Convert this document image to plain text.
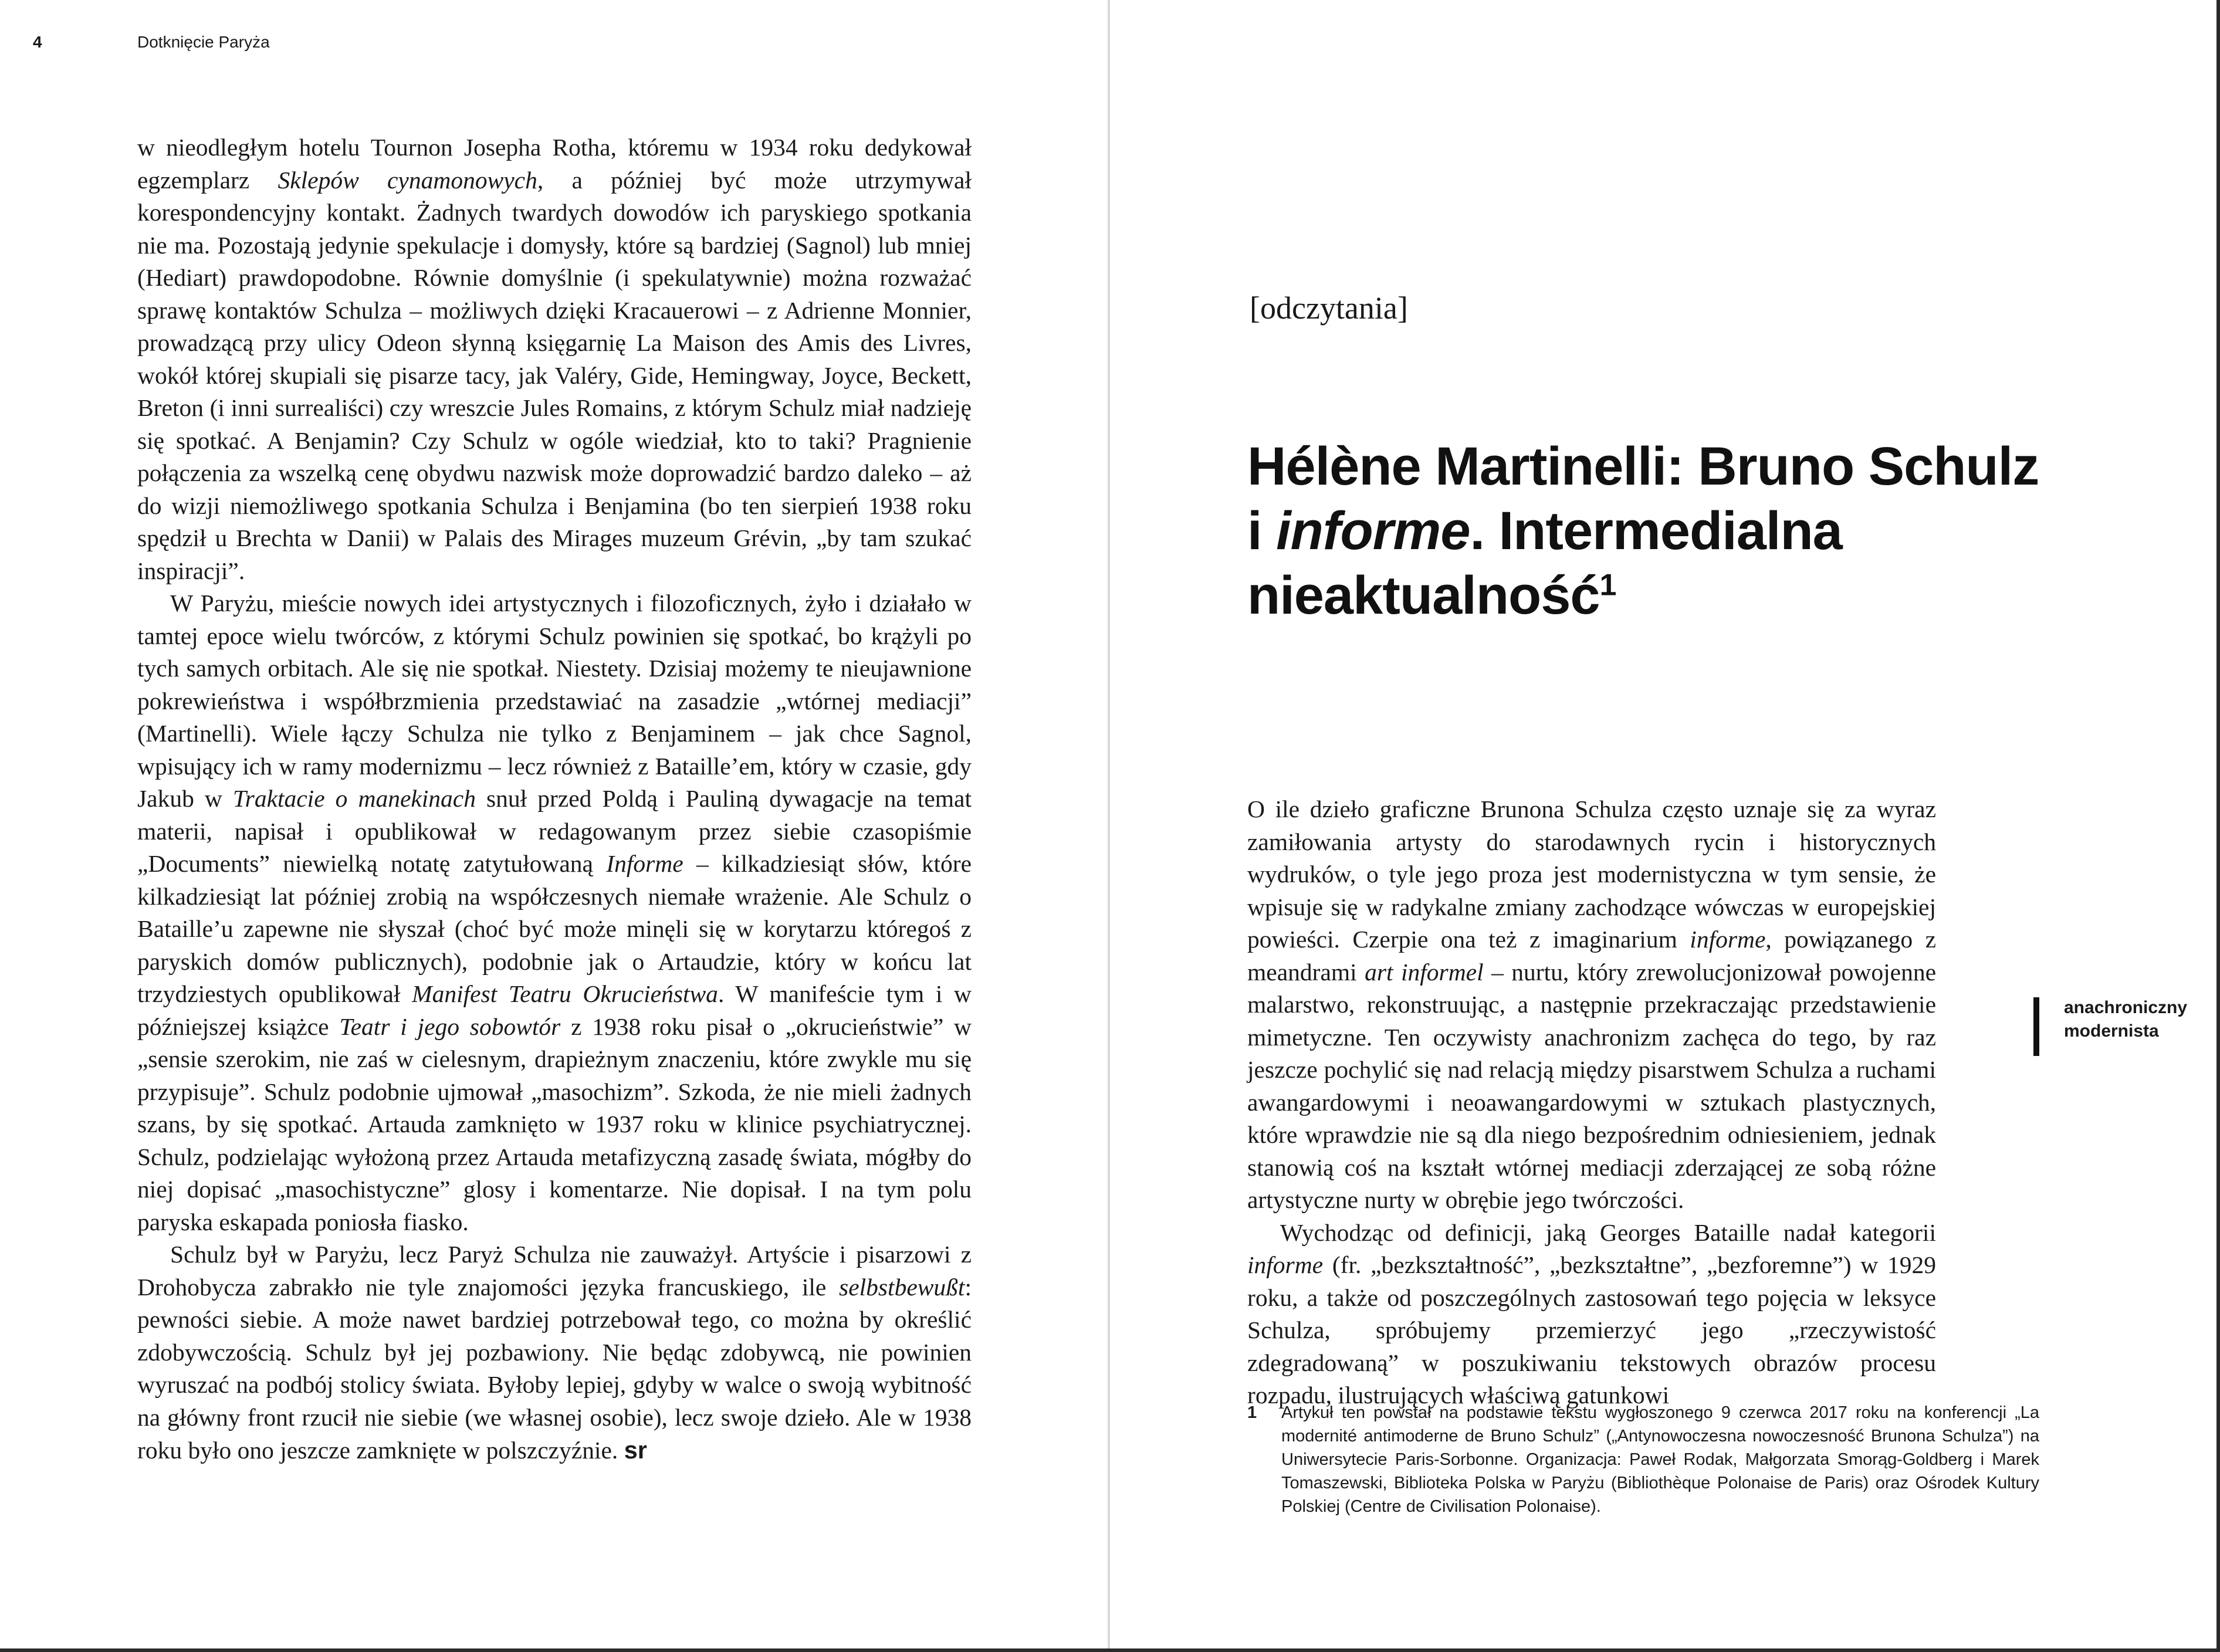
4	Dotknięcie Paryża

w nieodległym hotelu Tournon Josepha Rotha, któremu w 1934 roku dedykował egzemplarz Sklepów cynamonowych, a później być może utrzymywał korespondencyjny kontakt. Żadnych twardych dowodów ich paryskiego spotkania nie ma. Pozostają jedynie spekulacje i domysły, które są bardziej (Sagnol) lub mniej (Hediart) prawdopodobne. Równie domyślnie (i spekulatywnie) można rozważać sprawę kontaktów Schulza – możliwych dzięki Kracauerowi – z Adrienne Monnier, prowadzącą przy ulicy Odeon słynną księgarnię La Maison des Amis des Livres, wokół której skupiali się pisarze tacy, jak Valéry, Gide, Hemingway, Joyce, Beckett, Breton (i inni surrealiści) czy wreszcie Jules Romains, z którym Schulz miał nadzieję się spotkać. A Benjamin? Czy Schulz w ogóle wiedział, kto to taki? Pragnienie połączenia za wszelką cenę obydwu nazwisk może doprowadzić bardzo daleko – aż do wizji niemożliwego spotkania Schulza i Benjamina (bo ten sierpień 1938 roku spędził u Brechta w Danii) w Palais des Mirages muzeum Grévin, „by tam szukać inspiracji”.

W Paryżu, mieście nowych idei artystycznych i filozoficznych, żyło i działało w tamtej epoce wielu twórców, z którymi Schulz powinien się spotkać, bo krążyli po tych samych orbitach. Ale się nie spotkał. Niestety. Dzisiaj możemy te nieujawnione pokrewieństwa i współbrzmienia przedstawiać na zasadzie „wtórnej mediacji” (Martinelli). Wiele łączy Schulza nie tylko z Benjaminem – jak chce Sagnol, wpisujący ich w ramy modernizmu – lecz również z Bataille’em, który w czasie, gdy Jakub w Traktacie o manekinach snuł przed Poldą i Pauliną dywagacje na temat materii, napisał i opublikował w redagowanym przez siebie czasopiśmie „Documents” niewielką notatę zatytułowaną Informe – kilkadziesiąt słów, które kilkadziesiąt lat później zrobią na współczesnych niemałe wrażenie. Ale Schulz o Bataille’u zapewne nie słyszał (choć być może minęli się w korytarzu któregoś z paryskich domów publicznych), podobnie jak o Artaudzie, który w końcu lat trzydziestych opublikował Manifest Teatru Okrucieństwa. W manifeście tym i w późniejszej książce Teatr i jego sobowtór z 1938 roku pisał o „okrucieństwie” w „sensie szerokim, nie zaś w cielesnym, drapieżnym znaczeniu, które zwykle mu się przypisuje”. Schulz podobnie ujmował „masochizm”. Szkoda, że nie mieli żadnych szans, by się spotkać. Artauda zamknięto w 1937 roku w klinice psychiatrycznej. Schulz, podzielając wyłożoną przez Artauda metafizyczną zasadę świata, mógłby do niej dopisać „masochistyczne” glosy i komentarze. Nie dopisał. I na tym polu paryska eskapada poniosła fiasko.

Schulz był w Paryżu, lecz Paryż Schulza nie zauważył. Artyście i pisarzowi z Drohobycza zabrakło nie tyle znajomości języka francuskiego, ile selbstbewußt: pewności siebie. A może nawet bardziej potrzebował tego, co można by określić zdobywczością. Schulz był jej pozbawiony. Nie będąc zdobywcą, nie powinien wyruszać na podbój stolicy świata. Byłoby lepiej, gdyby w walce o swoją wybitność na główny front rzucił nie siebie (we własnej osobie), lecz swoje dzieło. Ale w 1938 roku było ono jeszcze zamknięte w polszczyźnie. sr

[odczytania]

Hélène Martinelli: Bruno Schulz i informe. Intermedialna nieaktualność$^1$

O ile dzieło graficzne Brunona Schulza często uznaje się za wyraz zamiłowania artysty do starodawnych rycin i historycznych wydruków, o tyle jego proza jest modernistyczna w tym sensie, że wpisuje się w radykalne zmiany zachodzące wówczas w europejskiej powieści. Czerpie ona też z imaginarium informe, powiązanego z meandrami art informel – nurtu, który zrewolucjonizował powojenne malarstwo, rekonstruując, a następnie przekraczając przedstawienie mimetyczne. Ten oczywisty anachronizm zachęca do tego, by raz jeszcze pochylić się nad relacją między pisarstwem Schulza a ruchami awangardowymi i neoawangardowymi w sztukach plastycznych, które wprawdzie nie są dla niego bezpośrednim odniesieniem, jednak stanowią coś na kształt wtórnej mediacji zderzającej ze sobą różne artystyczne nurty w obrębie jego twórczości.

Wychodząc od definicji, jaką Georges Bataille nadał kategorii informe (fr. „bezkształtność”, „bezkształtne”, „bezforemne”) w 1929 roku, a także od poszczególnych zastosowań tego pojęcia w leksyce Schulza, spróbujemy przemierzyć jego „rzeczywistość zdegradowaną” w poszukiwaniu tekstowych obrazów procesu rozpadu, ilustrujących właściwą gatunkowi

anachroniczny modernista

1	Artykuł ten powstał na podstawie tekstu wygłoszonego 9 czerwca 2017 roku na konferencji „La modernité antimoderne de Bruno Schulz” („Antynowoczesna nowoczesność Brunona Schulza”) na Uniwersytecie Paris-Sorbonne. Organizacja: Paweł Rodak, Małgorzata Smorąg-Goldberg i Marek Tomaszewski, Biblioteka Polska w Paryżu (Bibliothèque Polonaise de Paris) oraz Ośrodek Kultury Polskiej (Centre de Civilisation Polonaise).
